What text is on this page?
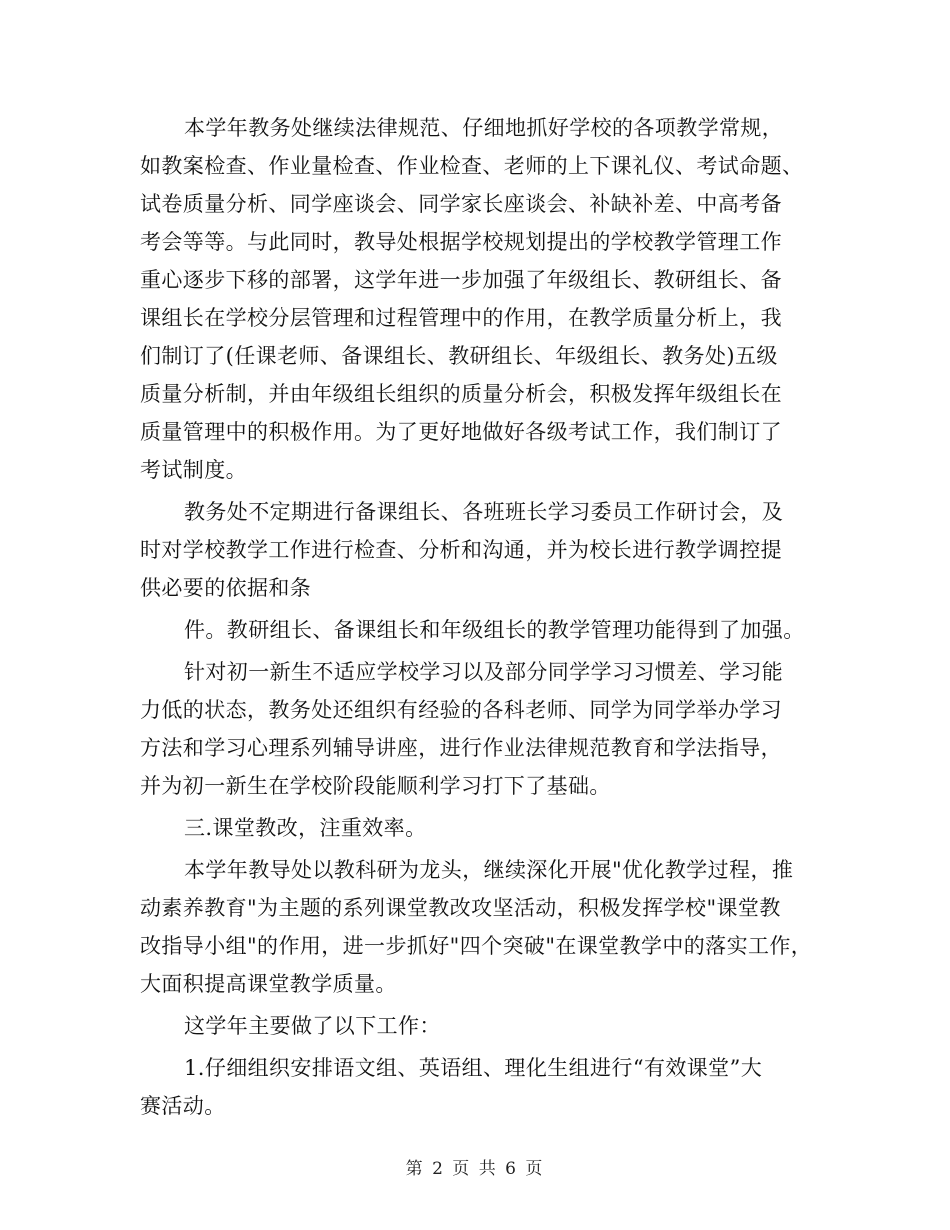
本学年教务处继续法律规范、仔细地抓好学校的各项教学常规，
如教案检查、作业量检查、作业检查、老师的上下课礼仪、考试命题、
试卷质量分析、同学座谈会、同学家长座谈会、补缺补差、中高考备
考会等等。与此同时，教导处根据学校规划提出的学校教学管理工作
重心逐步下移的部署，这学年进一步加强了年级组长、教研组长、备
课组长在学校分层管理和过程管理中的作用，在教学质量分析上，我
们制订了(任课老师、备课组长、教研组长、年级组长、教务处)五级
质量分析制，并由年级组长组织的质量分析会，积极发挥年级组长在
质量管理中的积极作用。为了更好地做好各级考试工作，我们制订了
考试制度。
教务处不定期进行备课组长、各班班长学习委员工作研讨会，及
时对学校教学工作进行检查、分析和沟通，并为校长进行教学调控提
供必要的依据和条
件。教研组长、备课组长和年级组长的教学管理功能得到了加强。
针对初一新生不适应学校学习以及部分同学学习习惯差、学习能
力低的状态，教务处还组织有经验的各科老师、同学为同学举办学习
方法和学习心理系列辅导讲座，进行作业法律规范教育和学法指导，
并为初一新生在学校阶段能顺利学习打下了基础。
三.课堂教改，注重效率。
本学年教导处以教科研为龙头，继续深化开展"优化教学过程，推
动素养教育"为主题的系列课堂教改攻坚活动，积极发挥学校"课堂教
改指导小组"的作用，进一步抓好"四个突破"在课堂教学中的落实工作，
大面积提高课堂教学质量。
这学年主要做了以下工作：
1.仔细组织安排语文组、英语组、理化生组进行“有效课堂”大
赛活动。
第 2 页 共 6 页
